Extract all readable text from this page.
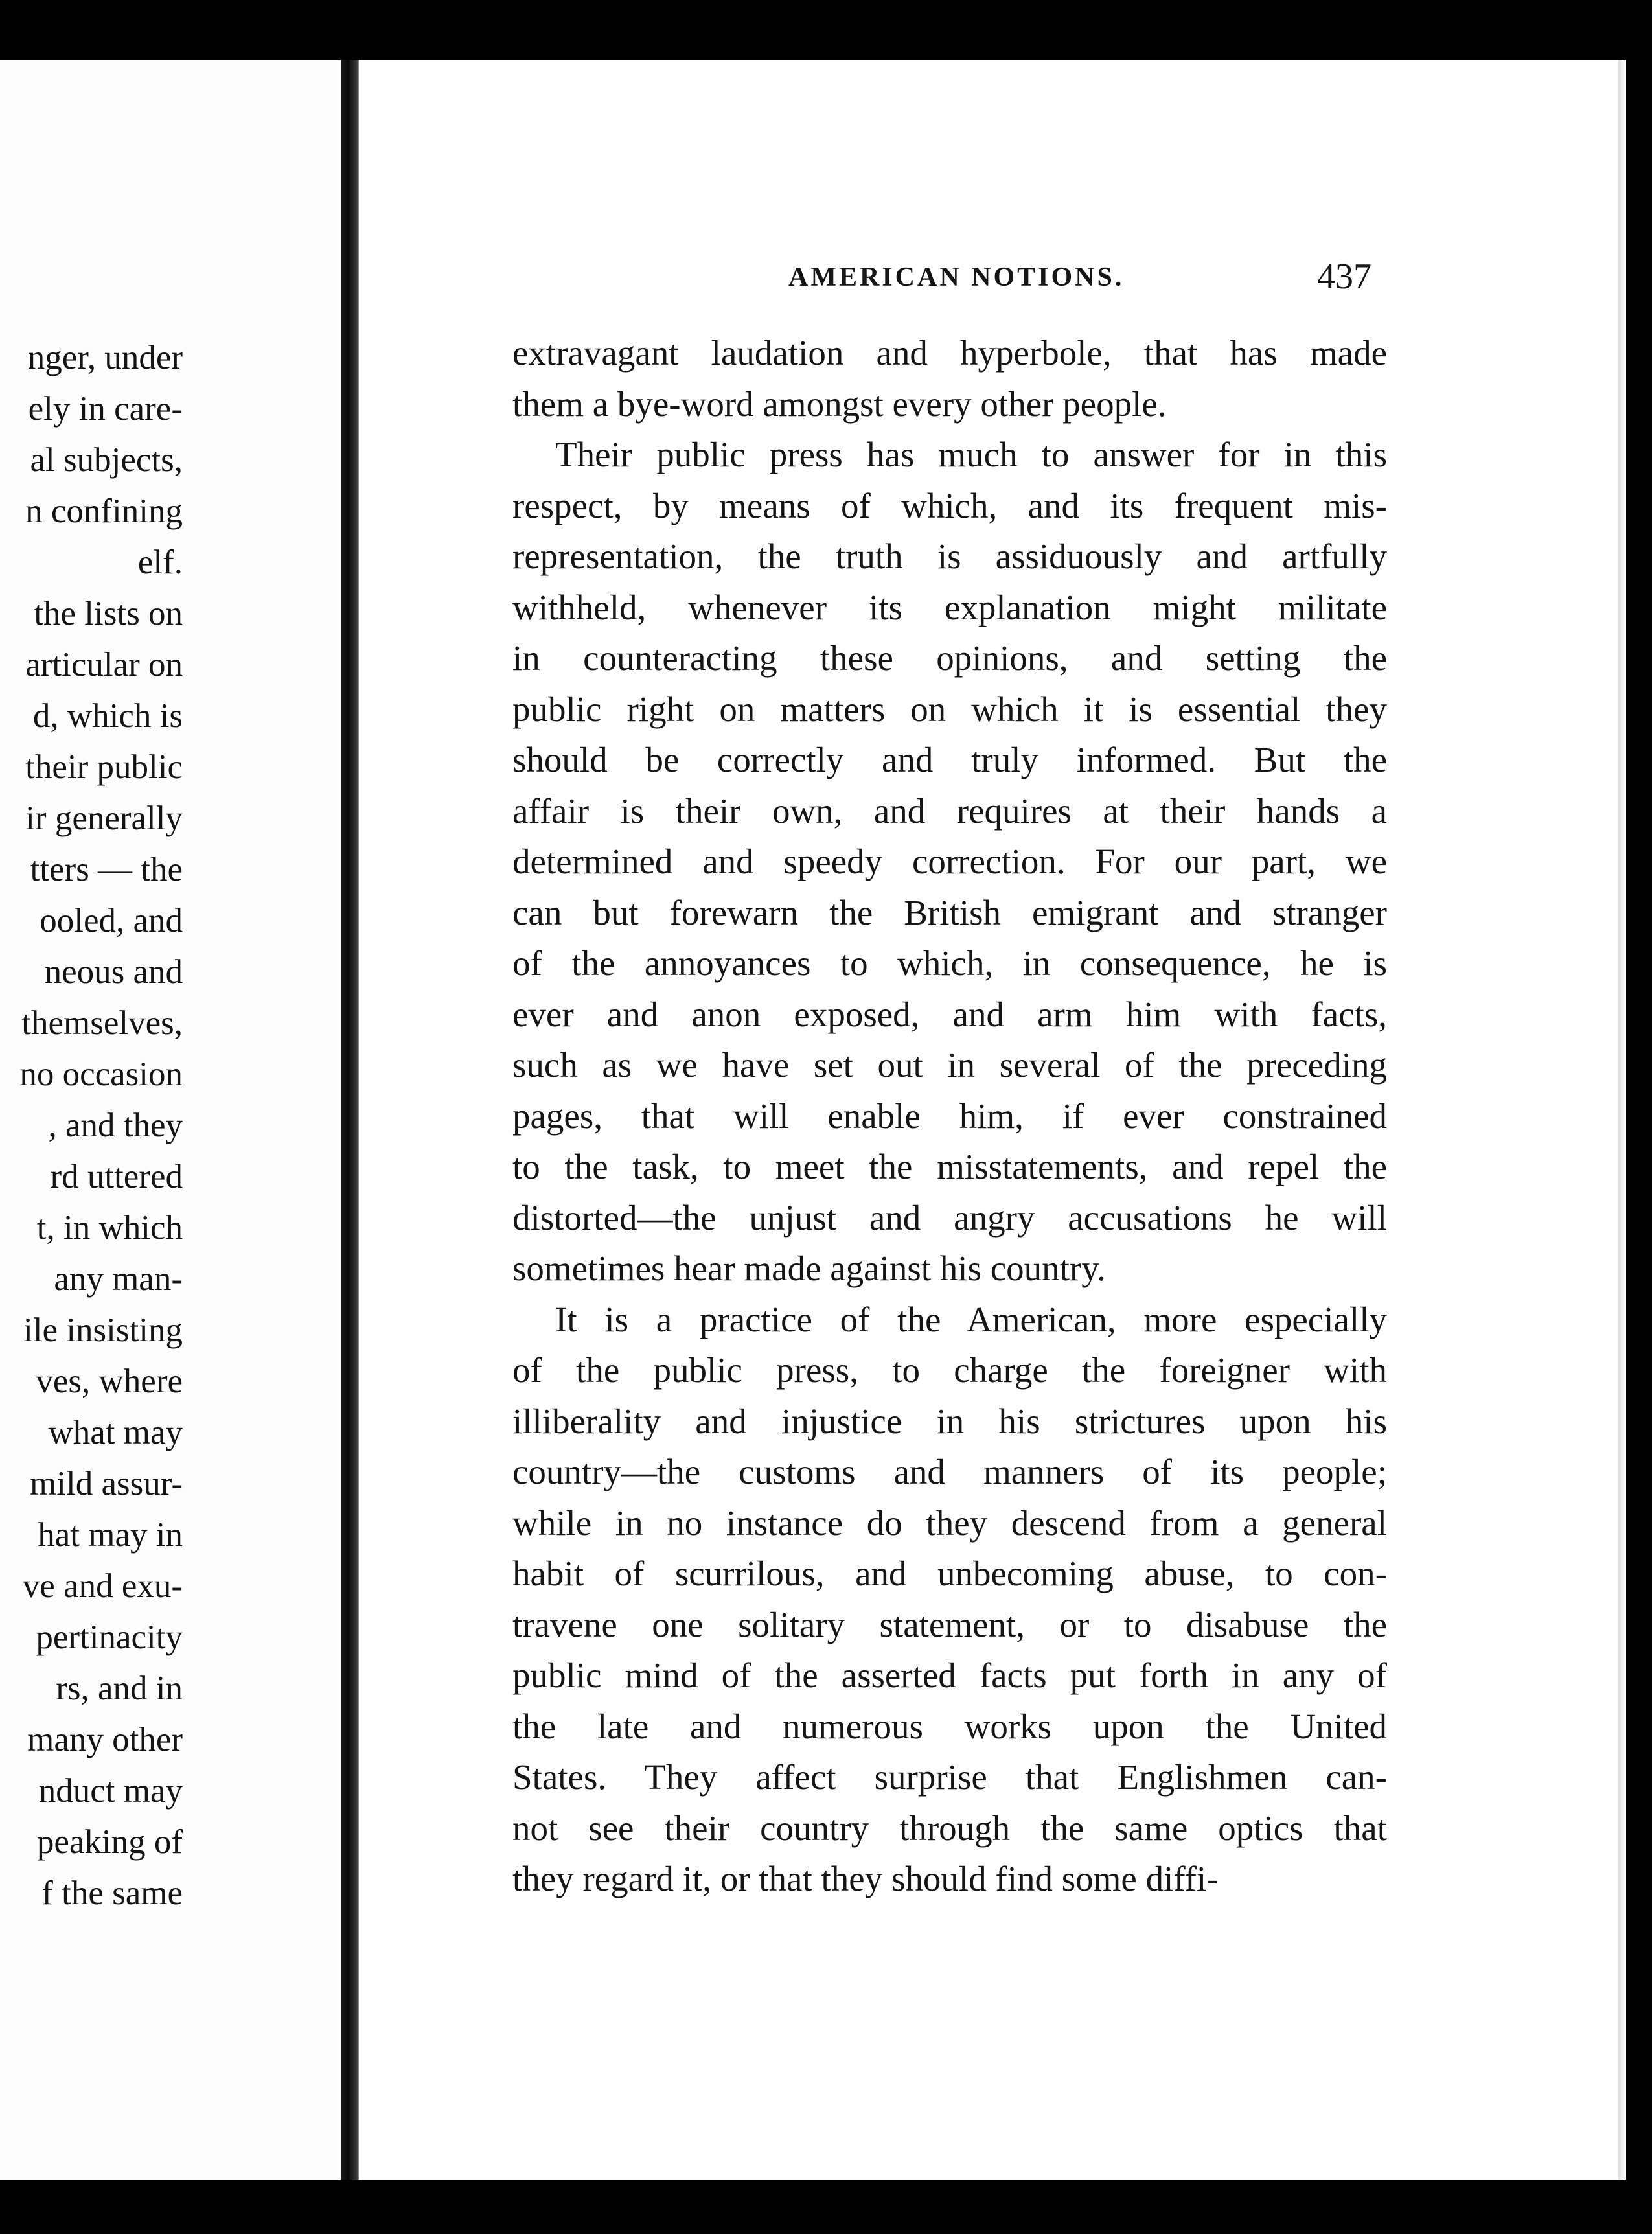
nger, under
ely in care-
al subjects,
n confining
elf.
the lists on
articular on
d, which is
their public
ir generally
tters — the
ooled, and
neous and
themselves,
no occasion
, and they
rd uttered
t, in which
any man-
ile insisting
ves, where
what may
mild assur-
hat may in
ve and exu-
pertinacity
rs, and in
many other
nduct may
peaking of
f the same
AMERICAN NOTIONS.	437

extravagant laudation and hyperbole, that has made
them a bye-word amongst every other people.

Their public press has much to answer for in this
respect, by means of which, and its frequent mis-
representation, the truth is assiduously and artfully
withheld, whenever its explanation might militate
in counteracting these opinions, and setting the
public right on matters on which it is essential they
should be correctly and truly informed. But the
affair is their own, and requires at their hands a
determined and speedy correction. For our part, we
can but forewarn the British emigrant and stranger
of the annoyances to which, in consequence, he is
ever and anon exposed, and arm him with facts,
such as we have set out in several of the preceding
pages, that will enable him, if ever constrained
to the task, to meet the misstatements, and repel the
distorted—the unjust and angry accusations he will
sometimes hear made against his country.

It is a practice of the American, more especially
of the public press, to charge the foreigner with
illiberality and injustice in his strictures upon his
country—the customs and manners of its people;
while in no instance do they descend from a general
habit of scurrilous, and unbecoming abuse, to con-
travene one solitary statement, or to disabuse the
public mind of the asserted facts put forth in any of
the late and numerous works upon the United
States. They affect surprise that Englishmen can-
not see their country through the same optics that
they regard it, or that they should find some diffi-
